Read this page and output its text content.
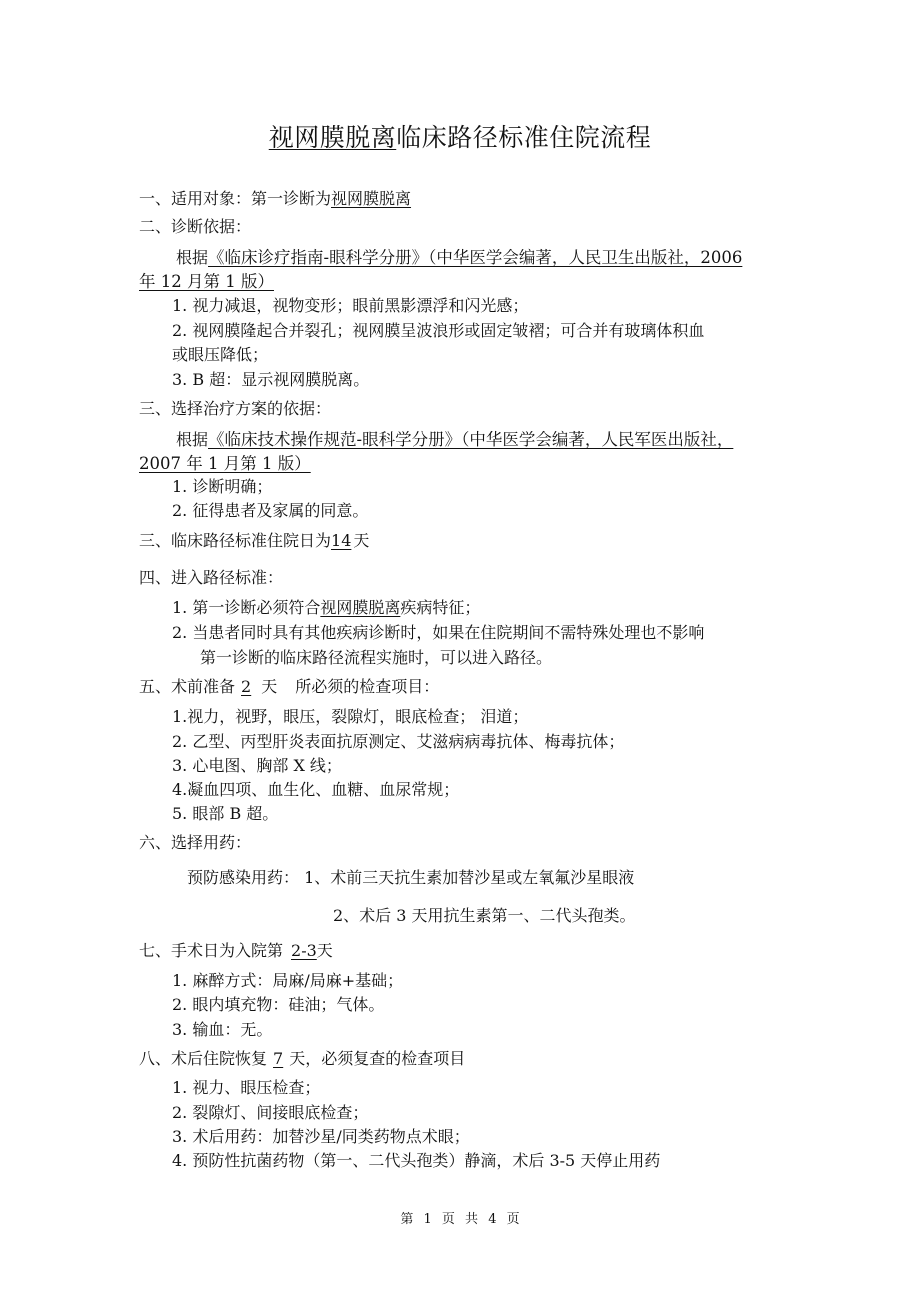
视网膜脱离临床路径标准住院流程
一、适用对象：第一诊断为视网膜脱离
二、诊断依据：
根据《临床诊疗指南-眼科学分册》（中华医学会编著，人民卫生出版社，2006
年 12 月第 1 版）
1. 视力减退，视物变形；眼前黑影漂浮和闪光感；
2. 视网膜隆起合并裂孔；视网膜呈波浪形或固定皱褶；可合并有玻璃体积血
或眼压降低；
3. B 超：显示视网膜脱离。
三、选择治疗方案的依据：
根据《临床技术操作规范-眼科学分册》（中华医学会编著，人民军医出版社，
2007 年 1 月第 1 版）
1. 诊断明确；
2. 征得患者及家属的同意。
三、临床路径标准住院日为14 天
四、进入路径标准：
1. 第一诊断必须符合视网膜脱离疾病特征；
2. 当患者同时具有其他疾病诊断时，如果在住院期间不需特殊处理也不影响
第一诊断的临床路径流程实施时，可以进入路径。
五、术前准备 2 天 所必须的检查项目：
1.视力，视野，眼压，裂隙灯，眼底检查； 泪道；
2. 乙型、丙型肝炎表面抗原测定、艾滋病病毒抗体、梅毒抗体；
3. 心电图、胸部 X 线；
4.凝血四项、血生化、血糖、血尿常规；
5. 眼部 B 超。
六、选择用药：
预防感染用药： 1、术前三天抗生素加替沙星或左氧氟沙星眼液
2、术后 3 天用抗生素第一、二代头孢类。
七、手术日为入院第 2-3天
1. 麻醉方式：局麻/局麻+基础；
2. 眼内填充物：硅油；气体。
3. 输血：无。
八、术后住院恢复 7 天，必须复查的检查项目
1. 视力、眼压检查；
2. 裂隙灯、间接眼底检查；
3. 术后用药：加替沙星/同类药物点术眼；
4. 预防性抗菌药物（第一、二代头孢类）静滴，术后 3-5 天停止用药
第 1 页 共 4 页
